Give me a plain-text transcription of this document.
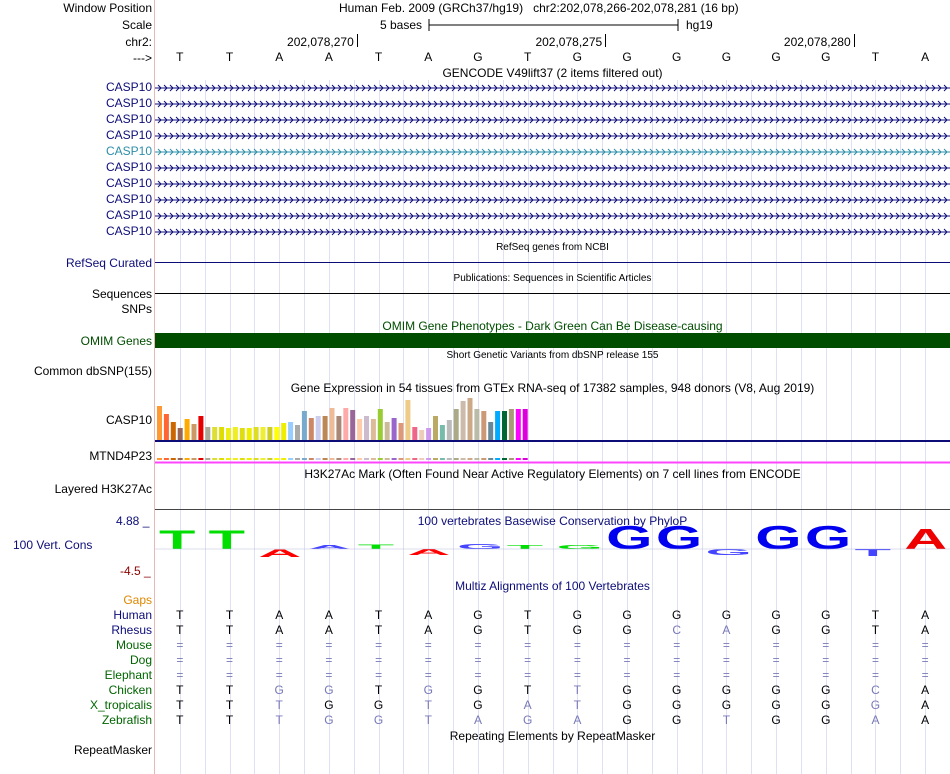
Window Position	Human Feb. 2009 (GRCh37/hg19) chr2:202,078,266-202,078,281 (16 bp)
Scale	5 bases	hg19
chr2:	202,078,270	202,078,275	202,078,280
--->	T	T	A	A	T	A	G	T	G	G	G	G	G	G	T	A
GENCODE V49lift37 (2 items filtered out)
CASP10
CASP10
CASP10
CASP10
CASP10
CASP10
CASP10
CASP10
CASP10
CASP10
RefSeq genes from NCBI
RefSeq Curated
Publications: Sequences in Scientific Articles
Sequences
SNPs
OMIM Gene Phenotypes - Dark Green Can Be Disease-causing
OMIM Genes
Short Genetic Variants from dbSNP release 155
Common dbSNP(155)
Gene Expression in 54 tissues from GTEx RNA-seq of 17382 samples, 948 donors (V8, Aug 2019)
CASP10
MTND4P23
H3K27Ac Mark (Often Found Near Active Regulatory Elements) on 7 cell lines from ENCODE
Layered H3K27Ac
100 vertebrates Basewise Conservation by PhyloP
4.88 _
100 Vert. Cons
-4.5 _
T T A
A T
A
G T G G G G G G T A
Multiz Alignments of 100 Vertebrates
Gaps
Human	T	T	A	A	T	A	G	T	G	G	G	G	G	G	T	A
Rhesus	T	T	A	A	T	A	G	T	G	G	C	A	G	G	T	A
Mouse	=	=	=	=	=	=	=	=	=	=	=	=	=	=	=	=
Dog	=	=	=	=	=	=	=	=	=	=	=	=	=	=	=	=
Elephant	=	=	=	=	=	=	=	=	=	=	=	=	=	=	=	=
Chicken	T	T	G	G	T	G	G	T	T	G	G	G	G	G	C	A
X_tropicalis	T	T	T	G	G	T	G	A	T	G	G	G	G	G	G	A
Zebrafish	T	T	T	G	G	T	A	G	A	G	G	T	G	G	A	A
Repeating Elements by RepeatMasker
RepeatMasker
